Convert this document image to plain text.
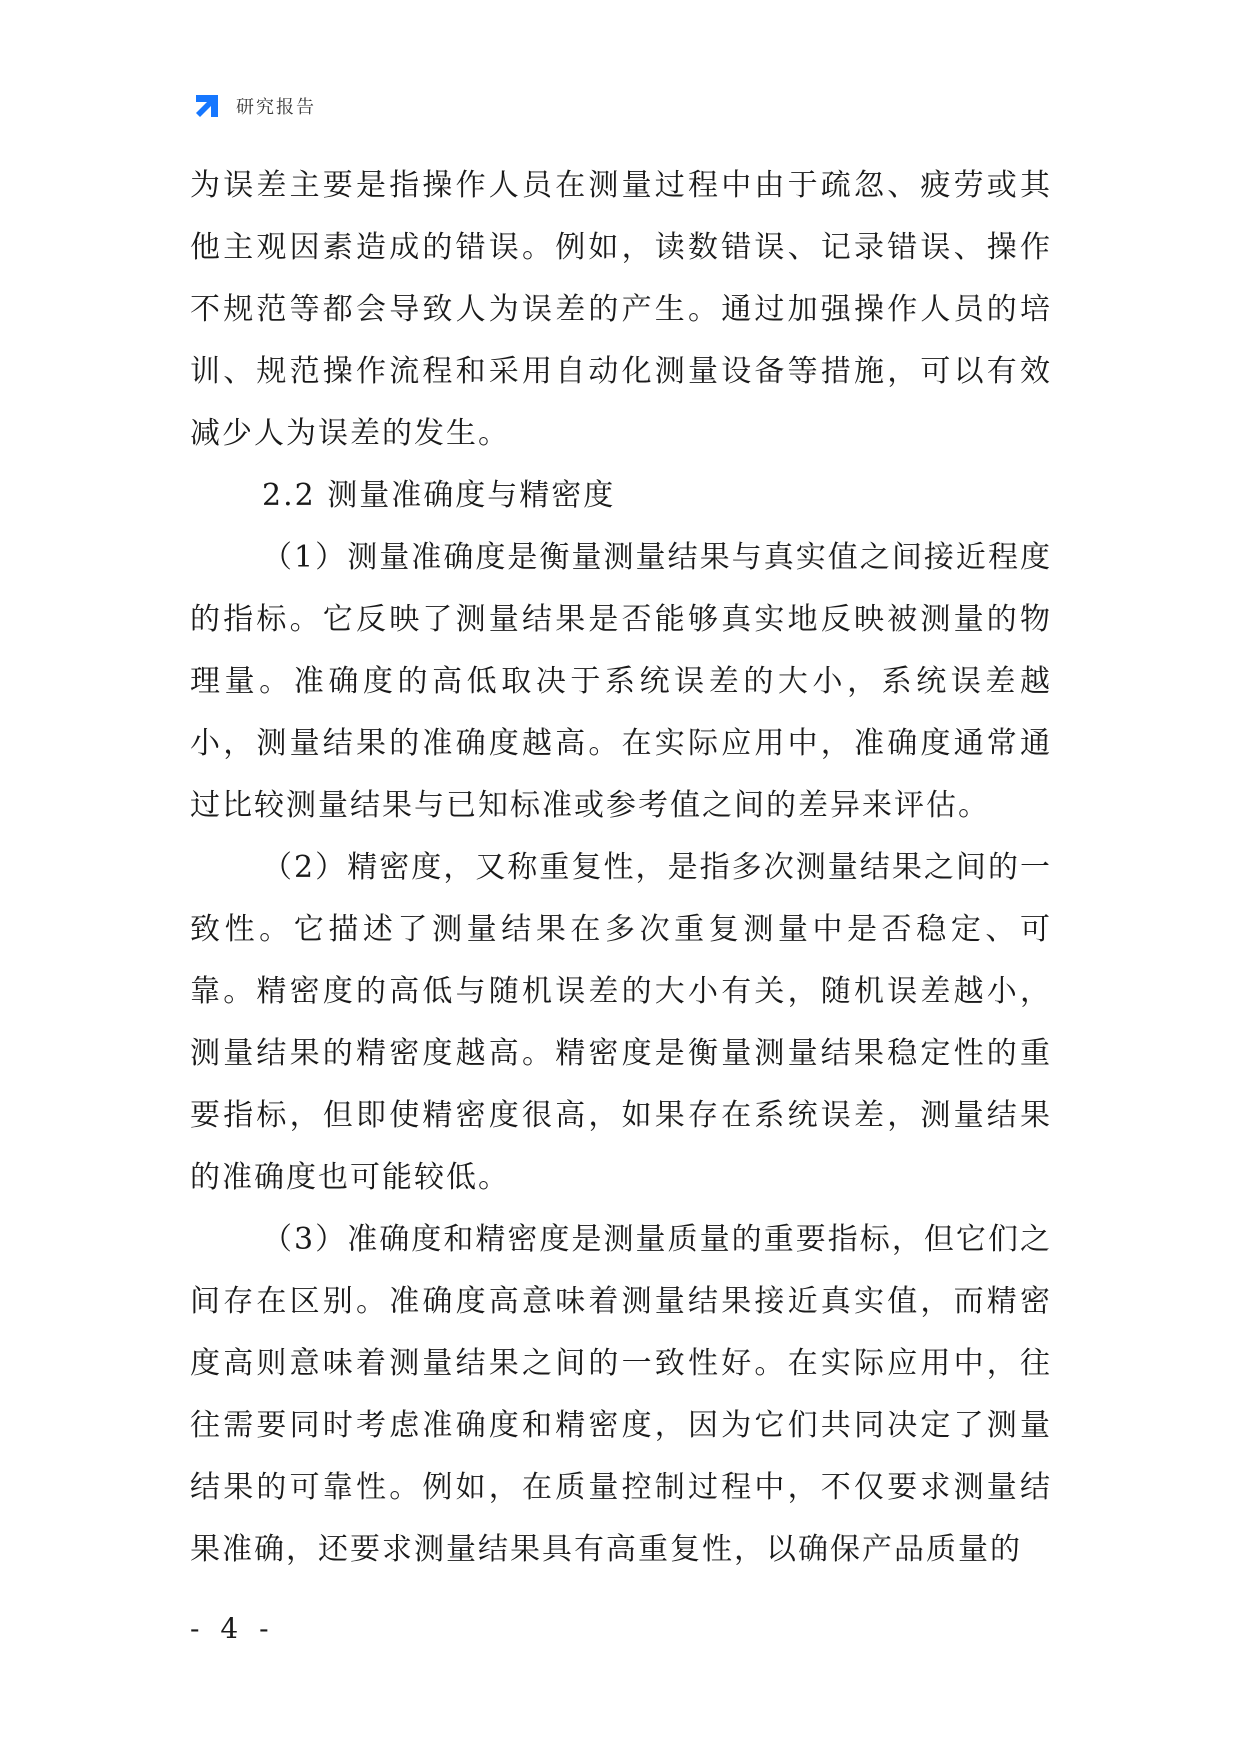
研究报告

为误差主要是指操作人员在测量过程中由于疏忽、疲劳或其他主观因素造成的错误。例如，读数错误、记录错误、操作不规范等都会导致人为误差的产生。通过加强操作人员的培训、规范操作流程和采用自动化测量设备等措施，可以有效减少人为误差的发生。

2.2 测量准确度与精密度

（1）测量准确度是衡量测量结果与真实值之间接近程度的指标。它反映了测量结果是否能够真实地反映被测量的物理量。准确度的高低取决于系统误差的大小，系统误差越小，测量结果的准确度越高。在实际应用中，准确度通常通过比较测量结果与已知标准或参考值之间的差异来评估。

（2）精密度，又称重复性，是指多次测量结果之间的一致性。它描述了测量结果在多次重复测量中是否稳定、可靠。精密度的高低与随机误差的大小有关，随机误差越小，测量结果的精密度越高。精密度是衡量测量结果稳定性的重要指标，但即使精密度很高，如果存在系统误差，测量结果的准确度也可能较低。

（3）准确度和精密度是测量质量的重要指标，但它们之间存在区别。准确度高意味着测量结果接近真实值，而精密度高则意味着测量结果之间的一致性好。在实际应用中，往往需要同时考虑准确度和精密度，因为它们共同决定了测量结果的可靠性。例如，在质量控制过程中，不仅要求测量结果准确，还要求测量结果具有高重复性，以确保产品质量的

- 4 -
